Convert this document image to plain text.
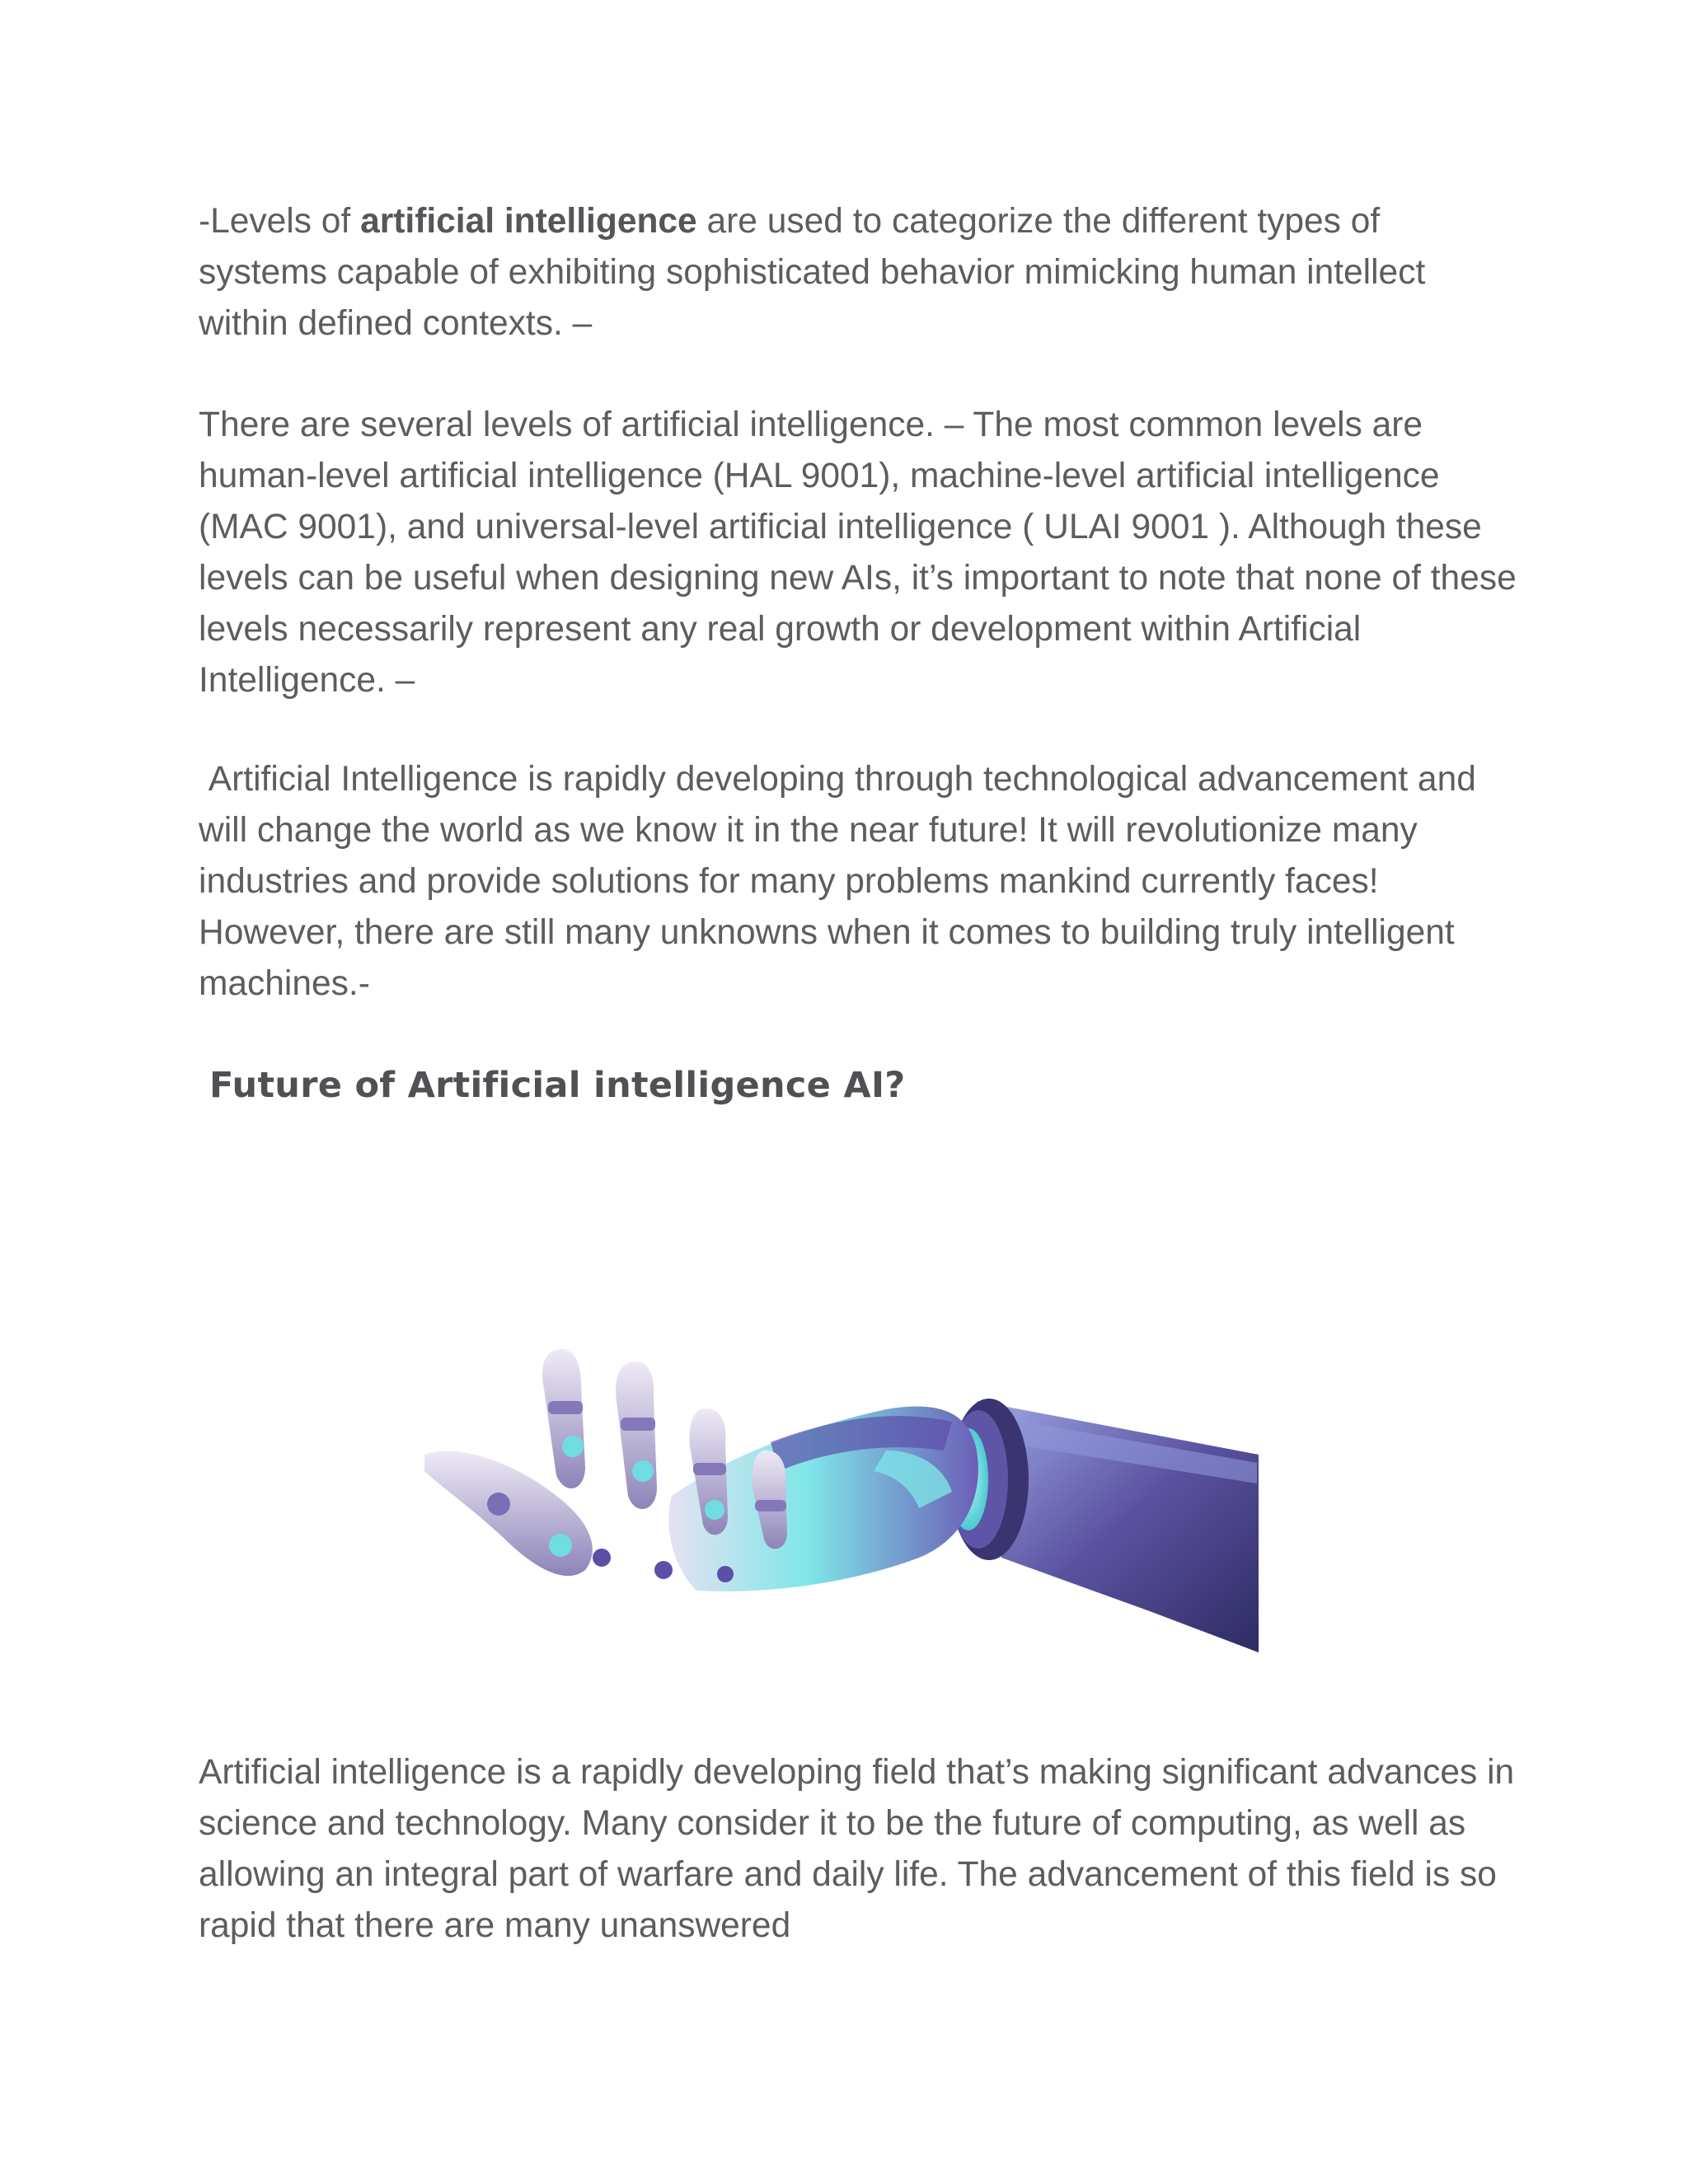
-Levels of artificial intelligence are used to categorize the different types of systems capable of exhibiting sophisticated behavior mimicking human intellect within defined contexts. –

There are several levels of artificial intelligence. – The most common levels are human-level artificial intelligence (HAL 9001), machine-level artificial intelligence (MAC 9001), and universal-level artificial intelligence ( ULAI 9001 ). Although these levels can be useful when designing new AIs, it’s important to note that none of these levels necessarily represent any real growth or development within Artificial Intelligence. –

Artificial Intelligence is rapidly developing through technological advancement and will change the world as we know it in the near future! It will revolutionize many industries and provide solutions for many problems mankind currently faces! However, there are still many unknowns when it comes to building truly intelligent machines.-

Future of Artificial intelligence AI?

Artificial intelligence is a rapidly developing field that’s making significant advances in science and technology. Many consider it to be the future of computing, as well as allowing an integral part of warfare and daily life. The advancement of this field is so rapid that there are many unanswered
